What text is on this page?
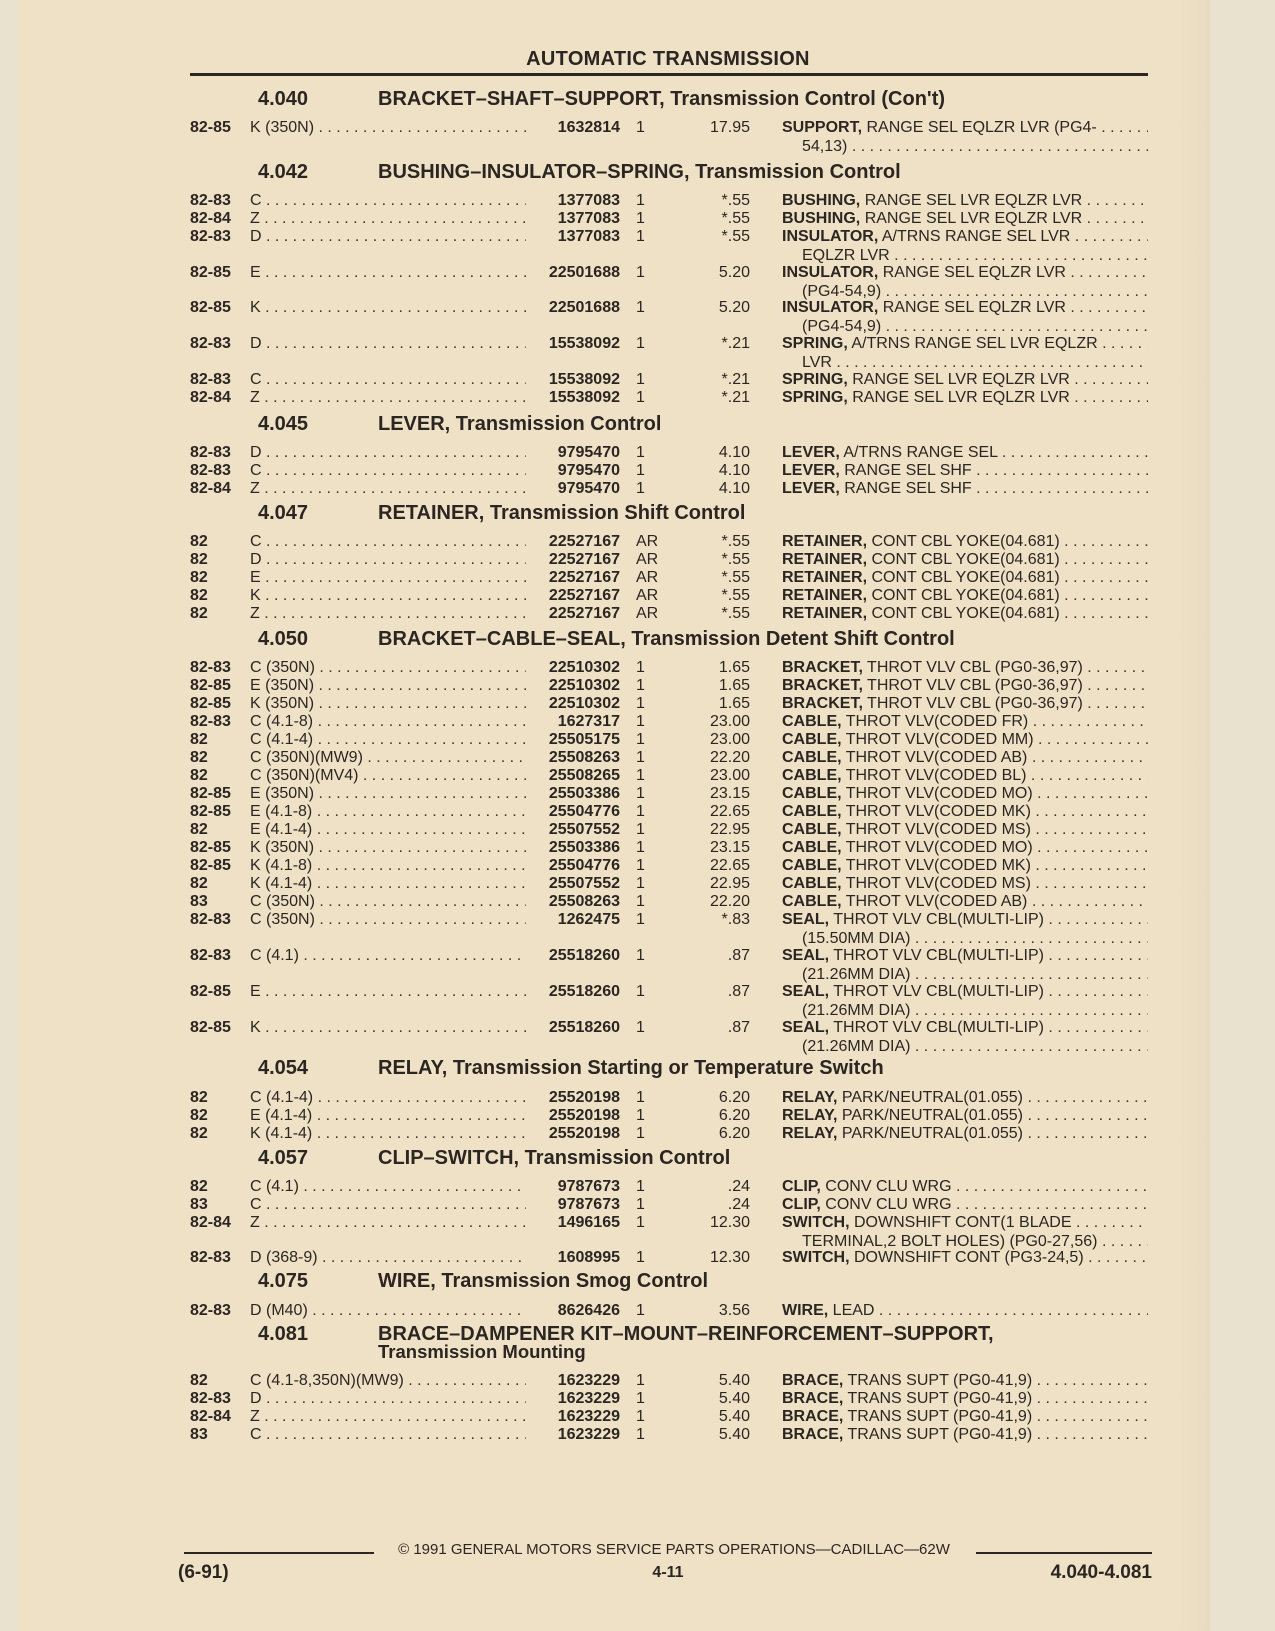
AUTOMATIC TRANSMISSION
4.040	BRACKET–SHAFT–SUPPORT, Transmission Control (Con't)
82-85	K (350N) . . .	1632814 1	17.95 SUPPORT, RANGE SEL EQLZR LVR (PG4- . . .
54,13) . . .
4.042	BUSHING–INSULATOR–SPRING, Transmission Control
82-83	C . . .	1377083 1	*.55 BUSHING, RANGE SEL LVR EQLZR LVR . . .
82-84	Z . . .	1377083 1	*.55 BUSHING, RANGE SEL LVR EQLZR LVR . . .
82-83	D . . .	1377083 1	*.55 INSULATOR, A/TRNS RANGE SEL LVR . . .
EQLZR LVR . . .
82-85	E . . .	22501688 1	5.20 INSULATOR, RANGE SEL EQLZR LVR . . .
(PG4-54,9) . . .
82-85	K . . .	22501688 1	5.20 INSULATOR, RANGE SEL EQLZR LVR . . .
(PG4-54,9) . . .
82-83	D . . .	15538092 1	*.21 SPRING, A/TRNS RANGE SEL LVR EQLZR . . .
LVR . . .
82-83	C . . .	15538092 1	*.21 SPRING, RANGE SEL LVR EQLZR LVR . . .
82-84	Z . . .	15538092 1	*.21 SPRING, RANGE SEL LVR EQLZR LVR . . .
4.045	LEVER, Transmission Control
82-83	D . . .	9795470 1	4.10 LEVER, A/TRNS RANGE SEL . . .
82-83	C . . .	9795470 1	4.10 LEVER, RANGE SEL SHF . . .
82-84	Z . . .	9795470 1	4.10 LEVER, RANGE SEL SHF . . .
4.047	RETAINER, Transmission Shift Control
82	C . . .	22527167 AR	*.55 RETAINER, CONT CBL YOKE(04.681) . . .
82	D . . .	22527167 AR	*.55 RETAINER, CONT CBL YOKE(04.681) . . .
82	E . . .	22527167 AR	*.55 RETAINER, CONT CBL YOKE(04.681) . . .
82	K . . .	22527167 AR	*.55 RETAINER, CONT CBL YOKE(04.681) . . .
82	Z . . .	22527167 AR	*.55 RETAINER, CONT CBL YOKE(04.681) . . .
4.050	BRACKET–CABLE–SEAL, Transmission Detent Shift Control
82-83	C (350N) . . .	22510302 1	1.65 BRACKET, THROT VLV CBL (PG0-36,97) . . .
82-85	E (350N) . . .	22510302 1	1.65 BRACKET, THROT VLV CBL (PG0-36,97) . . .
82-85	K (350N) . . .	22510302 1	1.65 BRACKET, THROT VLV CBL (PG0-36,97) . . .
82-83	C (4.1-8) . . .	1627317 1	23.00 CABLE, THROT VLV(CODED FR) . . .
82	C (4.1-4) . . .	25505175 1	23.00 CABLE, THROT VLV(CODED MM) . . .
82	C (350N)(MW9) . . .	25508263 1	22.20 CABLE, THROT VLV(CODED AB) . . .
82	C (350N)(MV4) . . .	25508265 1	23.00 CABLE, THROT VLV(CODED BL) . . .
82-85	E (350N) . . .	25503386 1	23.15 CABLE, THROT VLV(CODED MO) . . .
82-85	E (4.1-8) . . .	25504776 1	22.65 CABLE, THROT VLV(CODED MK) . . .
82	E (4.1-4) . . .	25507552 1	22.95 CABLE, THROT VLV(CODED MS) . . .
82-85	K (350N) . . .	25503386 1	23.15 CABLE, THROT VLV(CODED MO) . . .
82-85	K (4.1-8) . . .	25504776 1	22.65 CABLE, THROT VLV(CODED MK) . . .
82	K (4.1-4) . . .	25507552 1	22.95 CABLE, THROT VLV(CODED MS) . . .
83	C (350N) . . .	25508263 1	22.20 CABLE, THROT VLV(CODED AB) . . .
82-83	C (350N) . . .	1262475 1	*.83 SEAL, THROT VLV CBL(MULTI-LIP) . . .
(15.50MM DIA) . . .
82-83	C (4.1) . . .	25518260 1	.87 SEAL, THROT VLV CBL(MULTI-LIP) . . .
(21.26MM DIA) . . .
82-85	E . . .	25518260 1	.87 SEAL, THROT VLV CBL(MULTI-LIP) . . .
(21.26MM DIA) . . .
82-85	K . . .	25518260 1	.87 SEAL, THROT VLV CBL(MULTI-LIP) . . .
(21.26MM DIA) . . .
4.054	RELAY, Transmission Starting or Temperature Switch
82	C (4.1-4) . . .	25520198 1	6.20 RELAY, PARK/NEUTRAL(01.055) . . .
82	E (4.1-4) . . .	25520198 1	6.20 RELAY, PARK/NEUTRAL(01.055) . . .
82	K (4.1-4) . . .	25520198 1	6.20 RELAY, PARK/NEUTRAL(01.055) . . .
4.057	CLIP–SWITCH, Transmission Control
82	C (4.1) . . .	9787673 1	.24 CLIP, CONV CLU WRG . . .
83	C . . .	9787673 1	.24 CLIP, CONV CLU WRG . . .
82-84	Z . . .	1496165 1	12.30 SWITCH, DOWNSHIFT CONT(1 BLADE . . .
TERMINAL,2 BOLT HOLES) (PG0-27,56) . . .
82-83	D (368-9) . . .	1608995 1	12.30 SWITCH, DOWNSHIFT CONT (PG3-24,5) . . .
4.075	WIRE, Transmission Smog Control
82-83	D (M40) . . .	8626426 1	3.56 WIRE, LEAD . . .
4.081	BRACE–DAMPENER KIT–MOUNT–REINFORCEMENT–SUPPORT,
Transmission Mounting
82	C (4.1-8,350N)(MW9) . . .	1623229 1	5.40 BRACE, TRANS SUPT (PG0-41,9) . . .
82-83	D . . .	1623229 1	5.40 BRACE, TRANS SUPT (PG0-41,9) . . .
82-84	Z . . .	1623229 1	5.40 BRACE, TRANS SUPT (PG0-41,9) . . .
83	C . . .	1623229 1	5.40 BRACE, TRANS SUPT (PG0-41,9) . . .
© 1991 GENERAL MOTORS SERVICE PARTS OPERATIONS—CADILLAC—62W
(6-91)	4-11	4.040-4.081
